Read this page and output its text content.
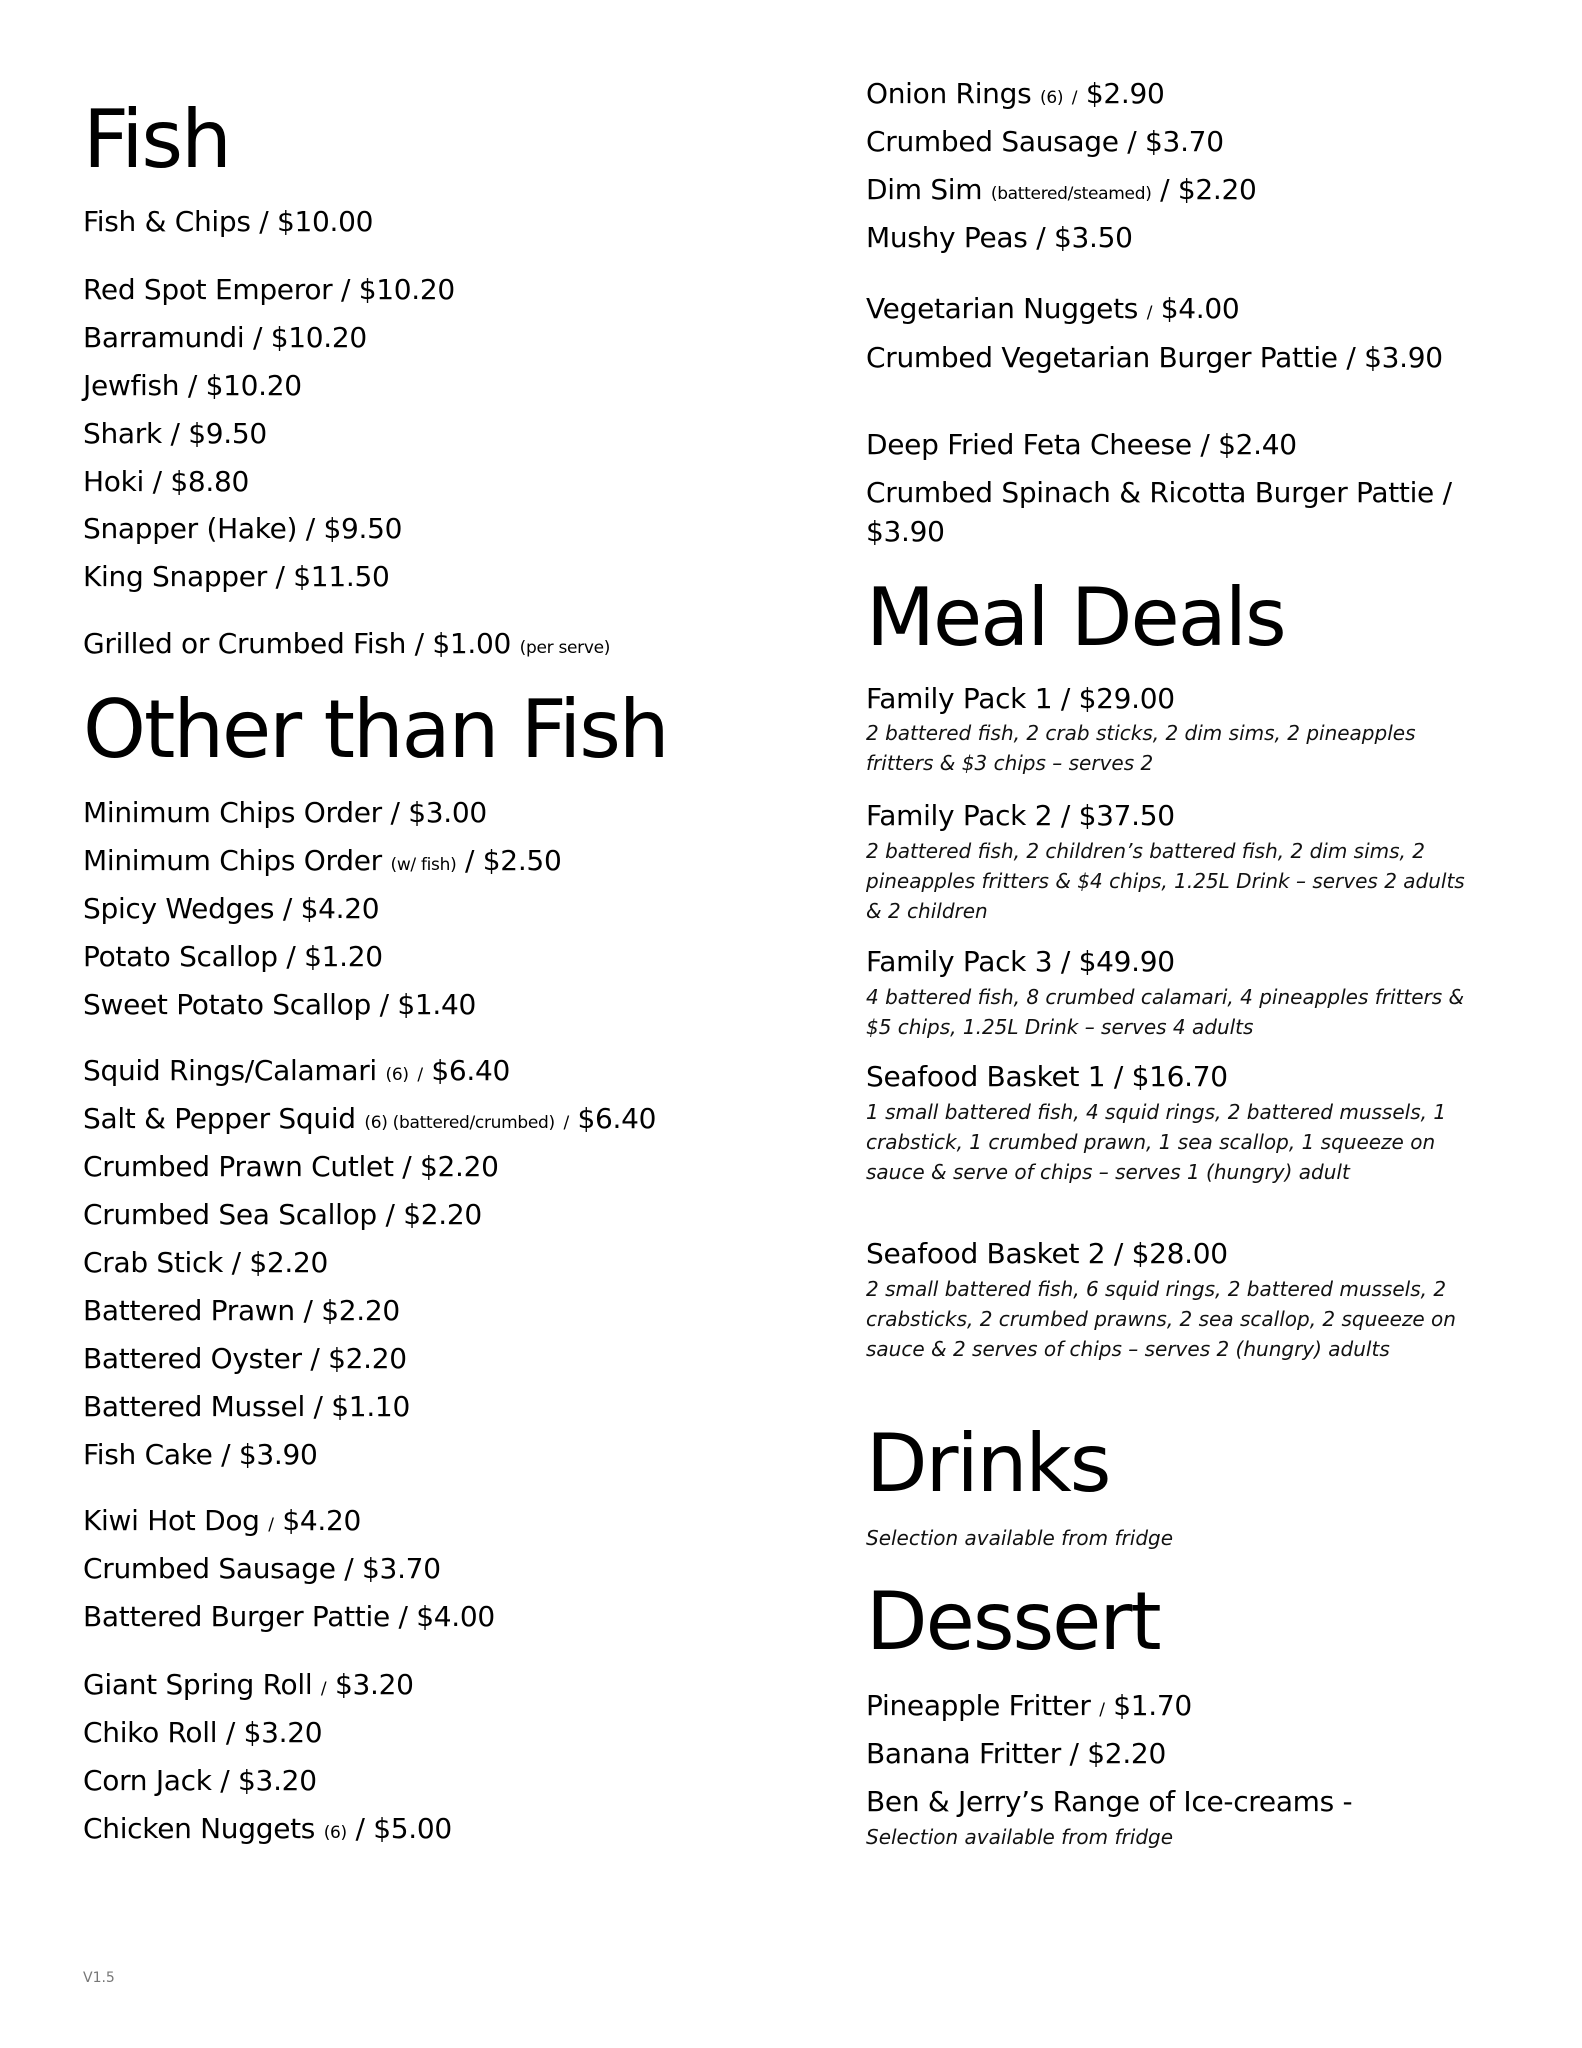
Fish
Fish & Chips / $10.00
Red Spot Emperor / $10.20
Barramundi / $10.20
Jewfish / $10.20
Shark / $9.50
Hoki / $8.80
Snapper (Hake) / $9.50
King Snapper / $11.50
Grilled or Crumbed Fish / $1.00 (per serve)
Other than Fish
Minimum Chips Order / $3.00
Minimum Chips Order (w/ fish) / $2.50
Spicy Wedges / $4.20
Potato Scallop / $1.20
Sweet Potato Scallop / $1.40
Squid Rings/Calamari (6) / $6.40
Salt & Pepper Squid (6) (battered/crumbed) / $6.40
Crumbed Prawn Cutlet / $2.20
Crumbed Sea Scallop / $2.20
Crab Stick / $2.20
Battered Prawn / $2.20
Battered Oyster / $2.20
Battered Mussel / $1.10
Fish Cake / $3.90
Kiwi Hot Dog / $4.20
Crumbed Sausage / $3.70
Battered Burger Pattie / $4.00
Giant Spring Roll / $3.20
Chiko Roll / $3.20
Corn Jack / $3.20
Chicken Nuggets (6) / $5.00
Onion Rings (6) / $2.90
Crumbed Sausage / $3.70
Dim Sim (battered/steamed) / $2.20
Mushy Peas / $3.50
Vegetarian Nuggets / $4.00
Crumbed Vegetarian Burger Pattie / $3.90
Deep Fried Feta Cheese / $2.40
Crumbed Spinach & Ricotta Burger Pattie / $3.90
Meal Deals
Family Pack 1 / $29.00
2 battered fish, 2 crab sticks, 2 dim sims, 2 pineapples fritters & $3 chips – serves 2
Family Pack 2 / $37.50
2 battered fish, 2 children’s battered fish, 2 dim sims, 2 pineapples fritters & $4 chips, 1.25L Drink – serves 2 adults & 2 children
Family Pack 3 / $49.90
4 battered fish, 8 crumbed calamari, 4 pineapples fritters & $5 chips, 1.25L Drink – serves 4 adults
Seafood Basket 1 / $16.70
1 small battered fish, 4 squid rings, 2 battered mussels, 1 crabstick, 1 crumbed prawn, 1 sea scallop, 1 squeeze on sauce & serve of chips – serves 1 (hungry) adult
Seafood Basket 2 / $28.00
2 small battered fish, 6 squid rings, 2 battered mussels, 2 crabsticks, 2 crumbed prawns, 2 sea scallop, 2 squeeze on sauce & 2 serves of chips – serves 2 (hungry) adults
Drinks
Selection available from fridge
Dessert
Pineapple Fritter / $1.70
Banana Fritter / $2.20
Ben & Jerry’s Range of Ice-creams -
Selection available from fridge
V1.5
